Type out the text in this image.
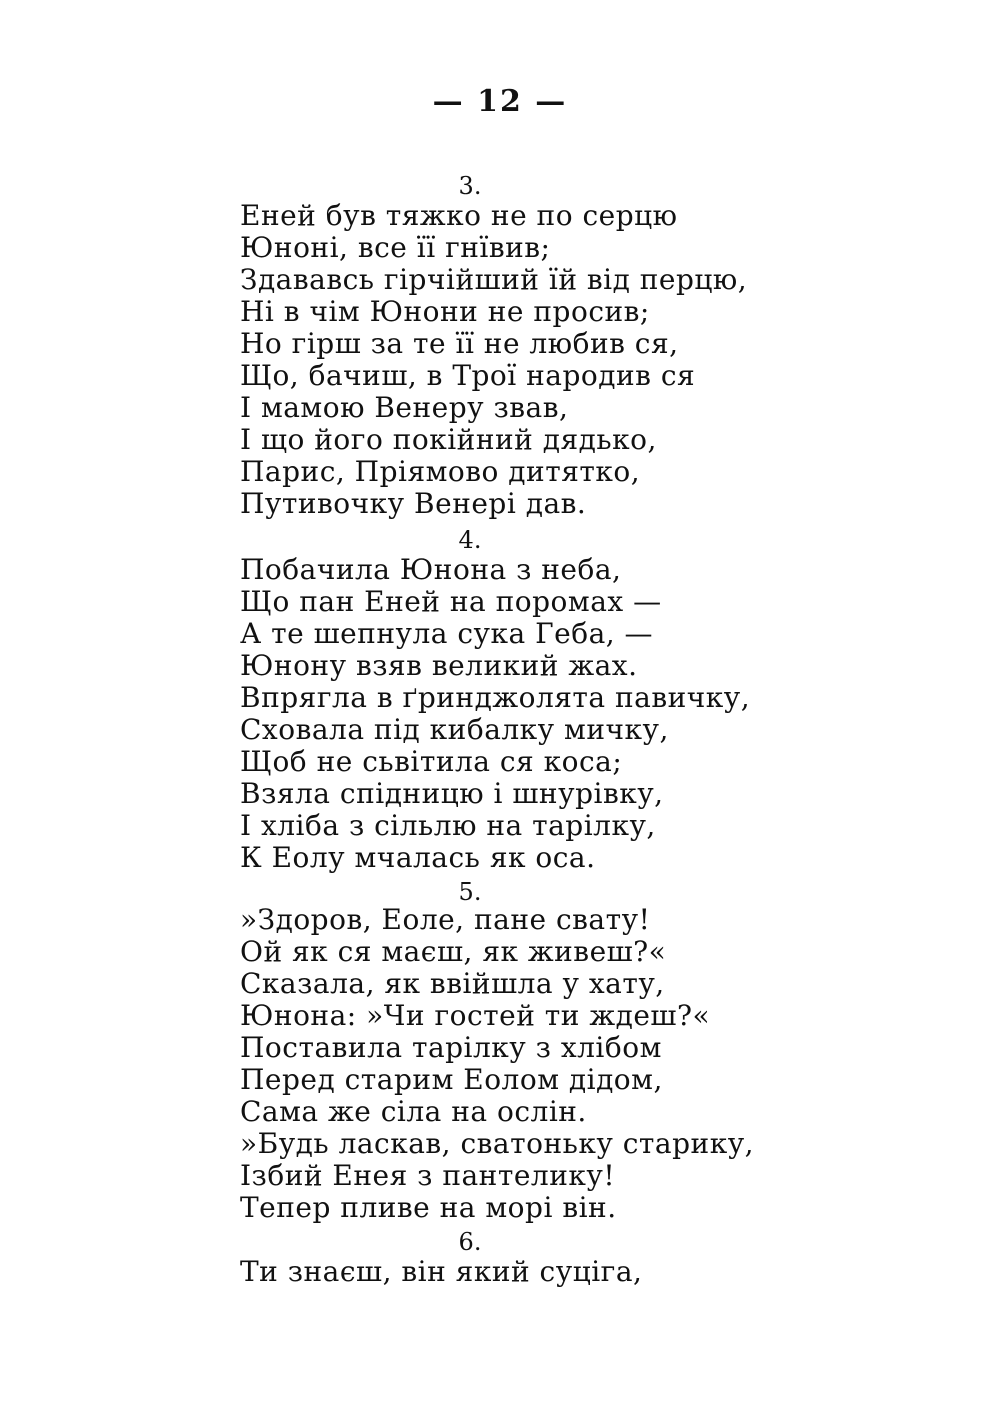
— 12 —
3.
Еней був тяжко не по серцю
Юноні, все її гнївив;
Здававсь гірчійший їй від перцю,
Ні в чім Юнони не просив;
Но гірш за те її не любив ся,
Що, бачиш, в Трої народив ся
І мамою Венеру звав,
І що його покійний дядько,
Парис, Пріямово дитятко,
Путивочку Венері дав.
4.
Побачила Юнона з неба,
Що пан Еней на поромах —
А те шепнула сука Геба, —
Юнону взяв великий жах.
Впрягла в ґринджолята павичку,
Сховала під кибалку мичку,
Щоб не сьвітила ся коса;
Взяла спідницю і шнурівку,
І хліба з сільлю на тарілку,
К Еолу мчалась як оса.
5.
»Здоров, Еоле, пане свату!
Ой як ся маєш, як живеш?«
Сказала, як ввійшла у хату,
Юнона: »Чи гостей ти ждеш?«
Поставила тарілку з хлібом
Перед старим Еолом дідом,
Сама же сіла на ослін.
»Будь ласкав, сватоньку старику,
Ізбий Енея з пантелику!
Тепер пливе на морі він.
6.
Ти знаєш, він який суціга,
